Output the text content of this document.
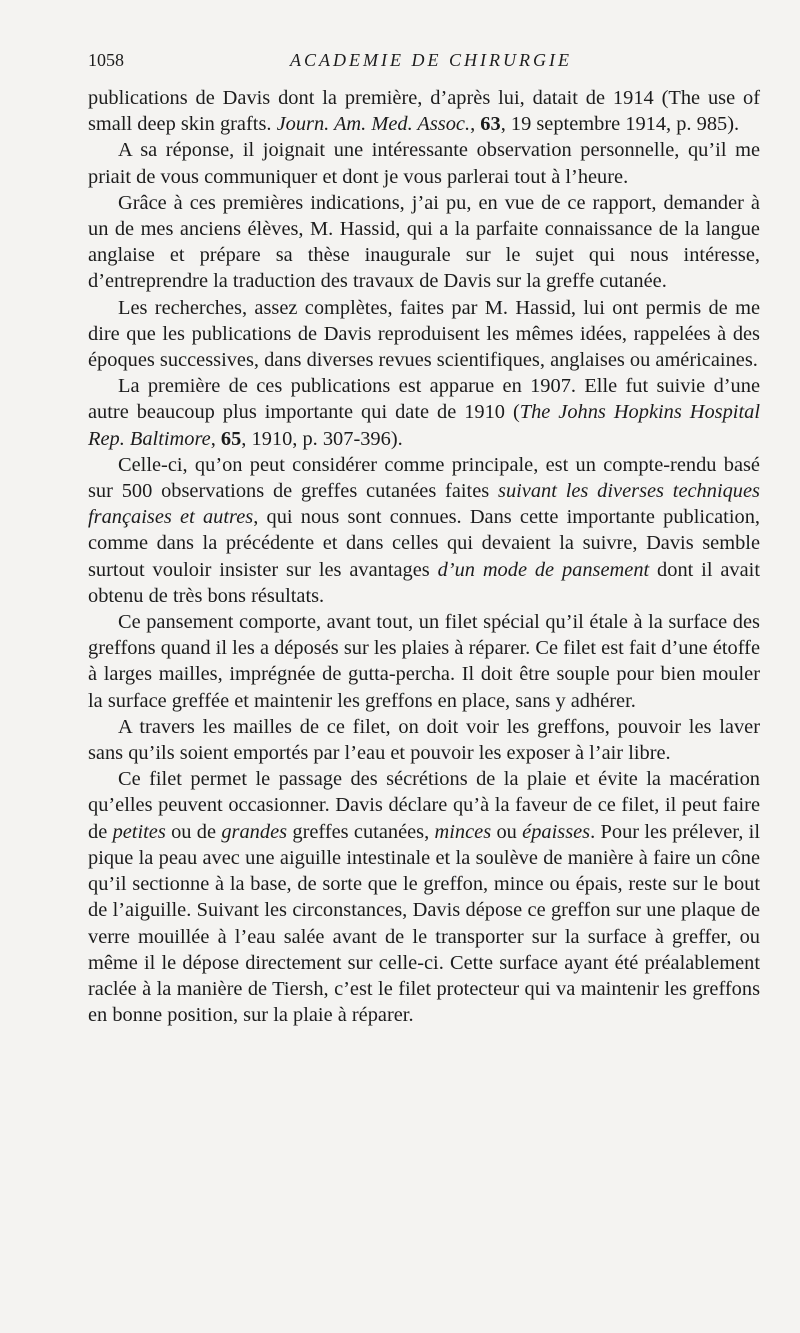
1058	ACADEMIE DE CHIRURGIE

publications de Davis dont la première, d’après lui, datait de 1914 (The use of small deep skin grafts. Journ. Am. Med. Assoc., 63, 19 septembre 1914, p. 985).

A sa réponse, il joignait une intéressante observation personnelle, qu’il me priait de vous communiquer et dont je vous parlerai tout à l’heure.

Grâce à ces premières indications, j’ai pu, en vue de ce rapport, demander à un de mes anciens élèves, M. Hassid, qui a la parfaite connaissance de la langue anglaise et prépare sa thèse inaugurale sur le sujet qui nous intéresse, d’entreprendre la traduction des travaux de Davis sur la greffe cutanée.

Les recherches, assez complètes, faites par M. Hassid, lui ont permis de me dire que les publications de Davis reproduisent les mêmes idées, rappelées à des époques successives, dans diverses revues scientifiques, anglaises ou américaines.

La première de ces publications est apparue en 1907. Elle fut suivie d’une autre beaucoup plus importante qui date de 1910 (The Johns Hopkins Hospital Rep. Baltimore, 65, 1910, p. 307-396).

Celle-ci, qu’on peut considérer comme principale, est un compte-rendu basé sur 500 observations de greffes cutanées faites suivant les diverses techniques françaises et autres, qui nous sont connues. Dans cette importante publication, comme dans la précédente et dans celles qui devaient la suivre, Davis semble surtout vouloir insister sur les avantages d’un mode de pansement dont il avait obtenu de très bons résultats.

Ce pansement comporte, avant tout, un filet spécial qu’il étale à la surface des greffons quand il les a déposés sur les plaies à réparer. Ce filet est fait d’une étoffe à larges mailles, imprégnée de gutta-percha. Il doit être souple pour bien mouler la surface greffée et maintenir les greffons en place, sans y adhérer.

A travers les mailles de ce filet, on doit voir les greffons, pouvoir les laver sans qu’ils soient emportés par l’eau et pouvoir les exposer à l’air libre.

Ce filet permet le passage des sécrétions de la plaie et évite la macération qu’elles peuvent occasionner. Davis déclare qu’à la faveur de ce filet, il peut faire de petites ou de grandes greffes cutanées, minces ou épaisses. Pour les prélever, il pique la peau avec une aiguille intestinale et la soulève de manière à faire un cône qu’il sectionne à la base, de sorte que le greffon, mince ou épais, reste sur le bout de l’aiguille. Suivant les circonstances, Davis dépose ce greffon sur une plaque de verre mouillée à l’eau salée avant de le transporter sur la surface à greffer, ou même il le dépose directement sur celle-ci. Cette surface ayant été préalablement raclée à la manière de Tiersh, c’est le filet protecteur qui va maintenir les greffons en bonne position, sur la plaie à réparer.
